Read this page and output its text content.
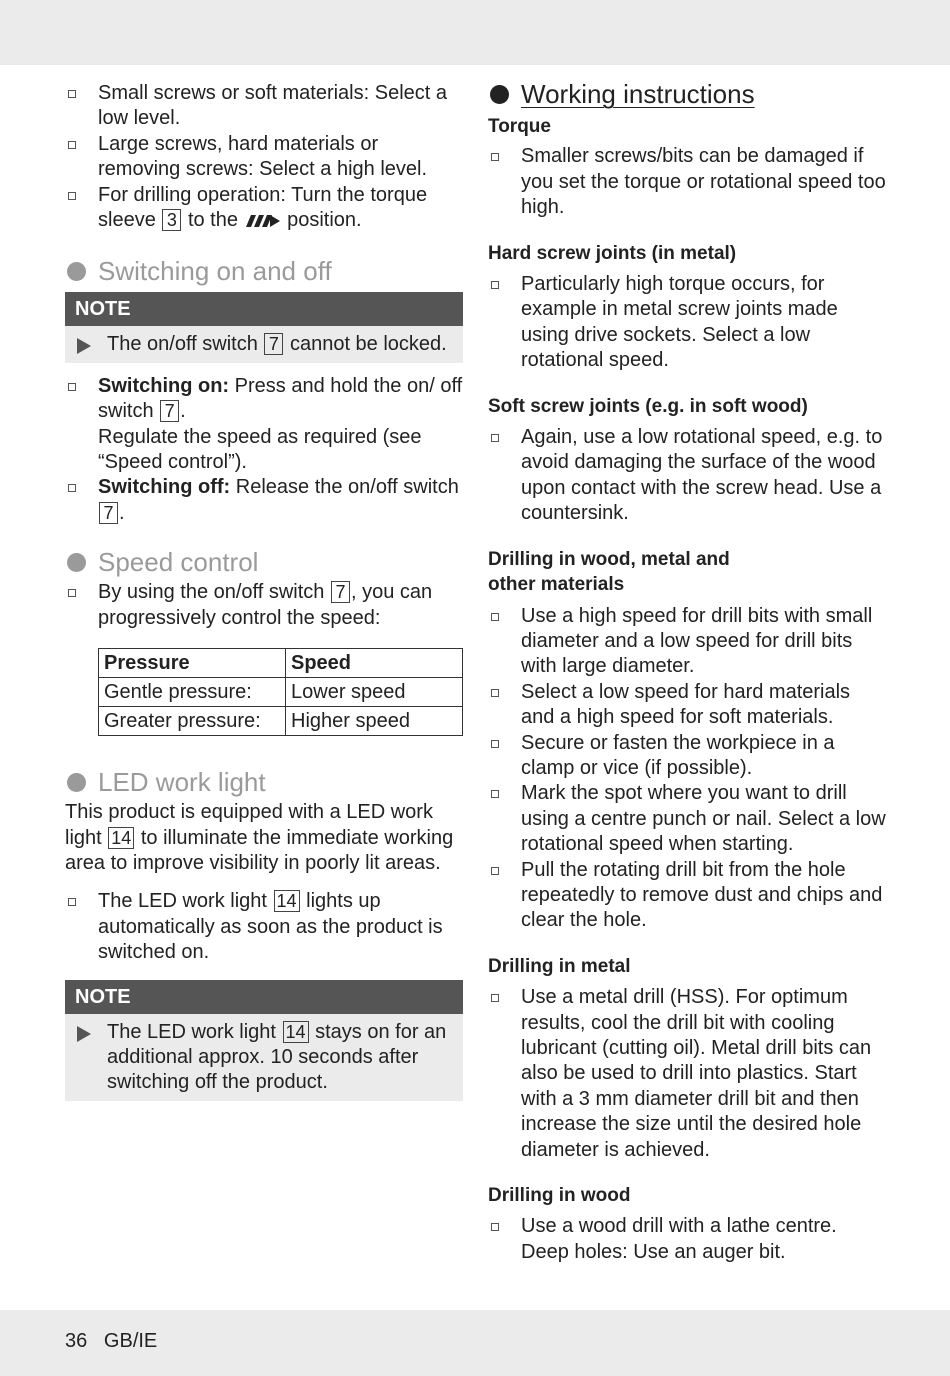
Small screws or soft materials: Select a low level.
Large screws, hard materials or removing screws: Select a high level.
For drilling operation: Turn the torque sleeve 3 to the position.
Switching on and off
NOTE
The on/off switch 7 cannot be locked.
Switching on: Press and hold the on/ off switch 7 .
Regulate the speed as required (see “Speed control”).
Switching off: Release the on/off switch 7 .
Speed control
By using the on/off switch 7 , you can progressively control the speed:
Pressure	Speed
Gentle pressure:	Lower speed
Greater pressure:	Higher speed
LED work light
This product is equipped with a LED work light 14 to illuminate the immediate working area to improve visibility in poorly lit areas.
The LED work light 14 lights up automatically as soon as the product is switched on.
NOTE
The LED work light 14 stays on for an additional approx. 10 seconds after switching off the product.
Working instructions
Torque
Smaller screws/bits can be damaged if you set the torque or rotational speed too high.
Hard screw joints (in metal)
Particularly high torque occurs, for example in metal screw joints made using drive sockets. Select a low rotational speed.
Soft screw joints (e.g. in soft wood)
Again, use a low rotational speed, e.g. to avoid damaging the surface of the wood upon contact with the screw head. Use a countersink.
Drilling in wood, metal and
other materials
Use a high speed for drill bits with small diameter and a low speed for drill bits with large diameter.
Select a low speed for hard materials and a high speed for soft materials.
Secure or fasten the workpiece in a clamp or vice (if possible).
Mark the spot where you want to drill using a centre punch or nail. Select a low rotational speed when starting.
Pull the rotating drill bit from the hole repeatedly to remove dust and chips and clear the hole.
Drilling in metal
Use a metal drill (HSS). For optimum results, cool the drill bit with cooling lubricant (cutting oil). Metal drill bits can also be used to drill into plastics. Start with a 3 mm diameter drill bit and then increase the size until the desired hole diameter is achieved.
Drilling in wood
Use a wood drill with a lathe centre. Deep holes: Use an auger bit.
36 GB/IE
